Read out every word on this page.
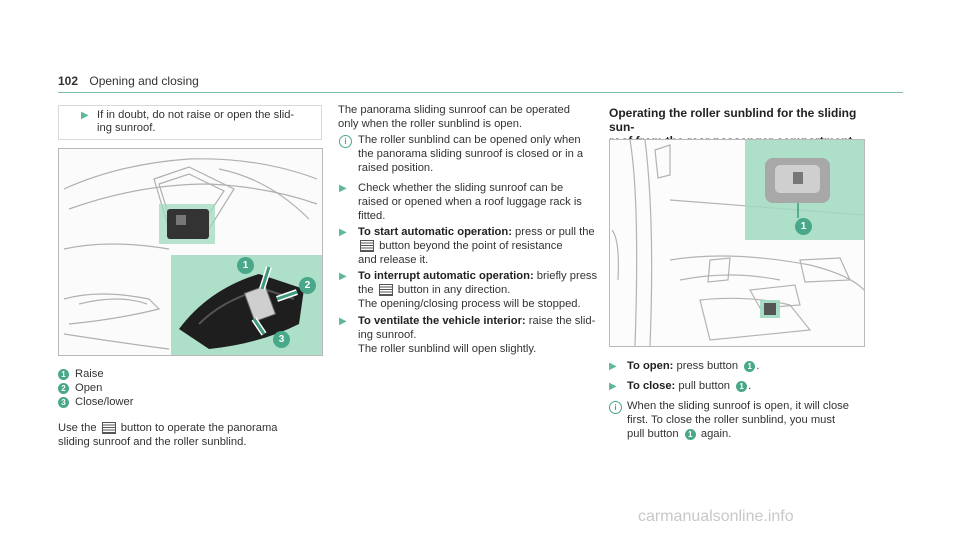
102 Opening and closing
▶ If in doubt, do not raise or open the slid-
ing sunroof.
1
2
3
1 Raise
2 Open
3 Close/lower
Use the button to operate the panorama
sliding sunroof and the roller sunblind.
The panorama sliding sunroof can be operated
only when the roller sunblind is open.
i	The roller sunblind can be opened only when
the panorama sliding sunroof is closed or in a
raised position.
▶ Check whether the sliding sunroof can be
raised or opened when a roof luggage rack is
fitted.
▶ To start automatic operation: press or pull the
button beyond the point of resistance
and release it.
▶ To interrupt automatic operation: briefly press
the button in any direction.
The opening/closing process will be stopped.
▶ To ventilate the vehicle interior: raise the slid-
ing sunroof.
The roller sunblind will open slightly.
Operating the roller sunblind for the sliding sun-
1
▶ To open: press button 1 .
▶ To close: pull button 1 .
i When the sliding sunroof is open, it will close
first. To close the roller sunblind, you must
pull button 1 again.
carmanualsonline.info
